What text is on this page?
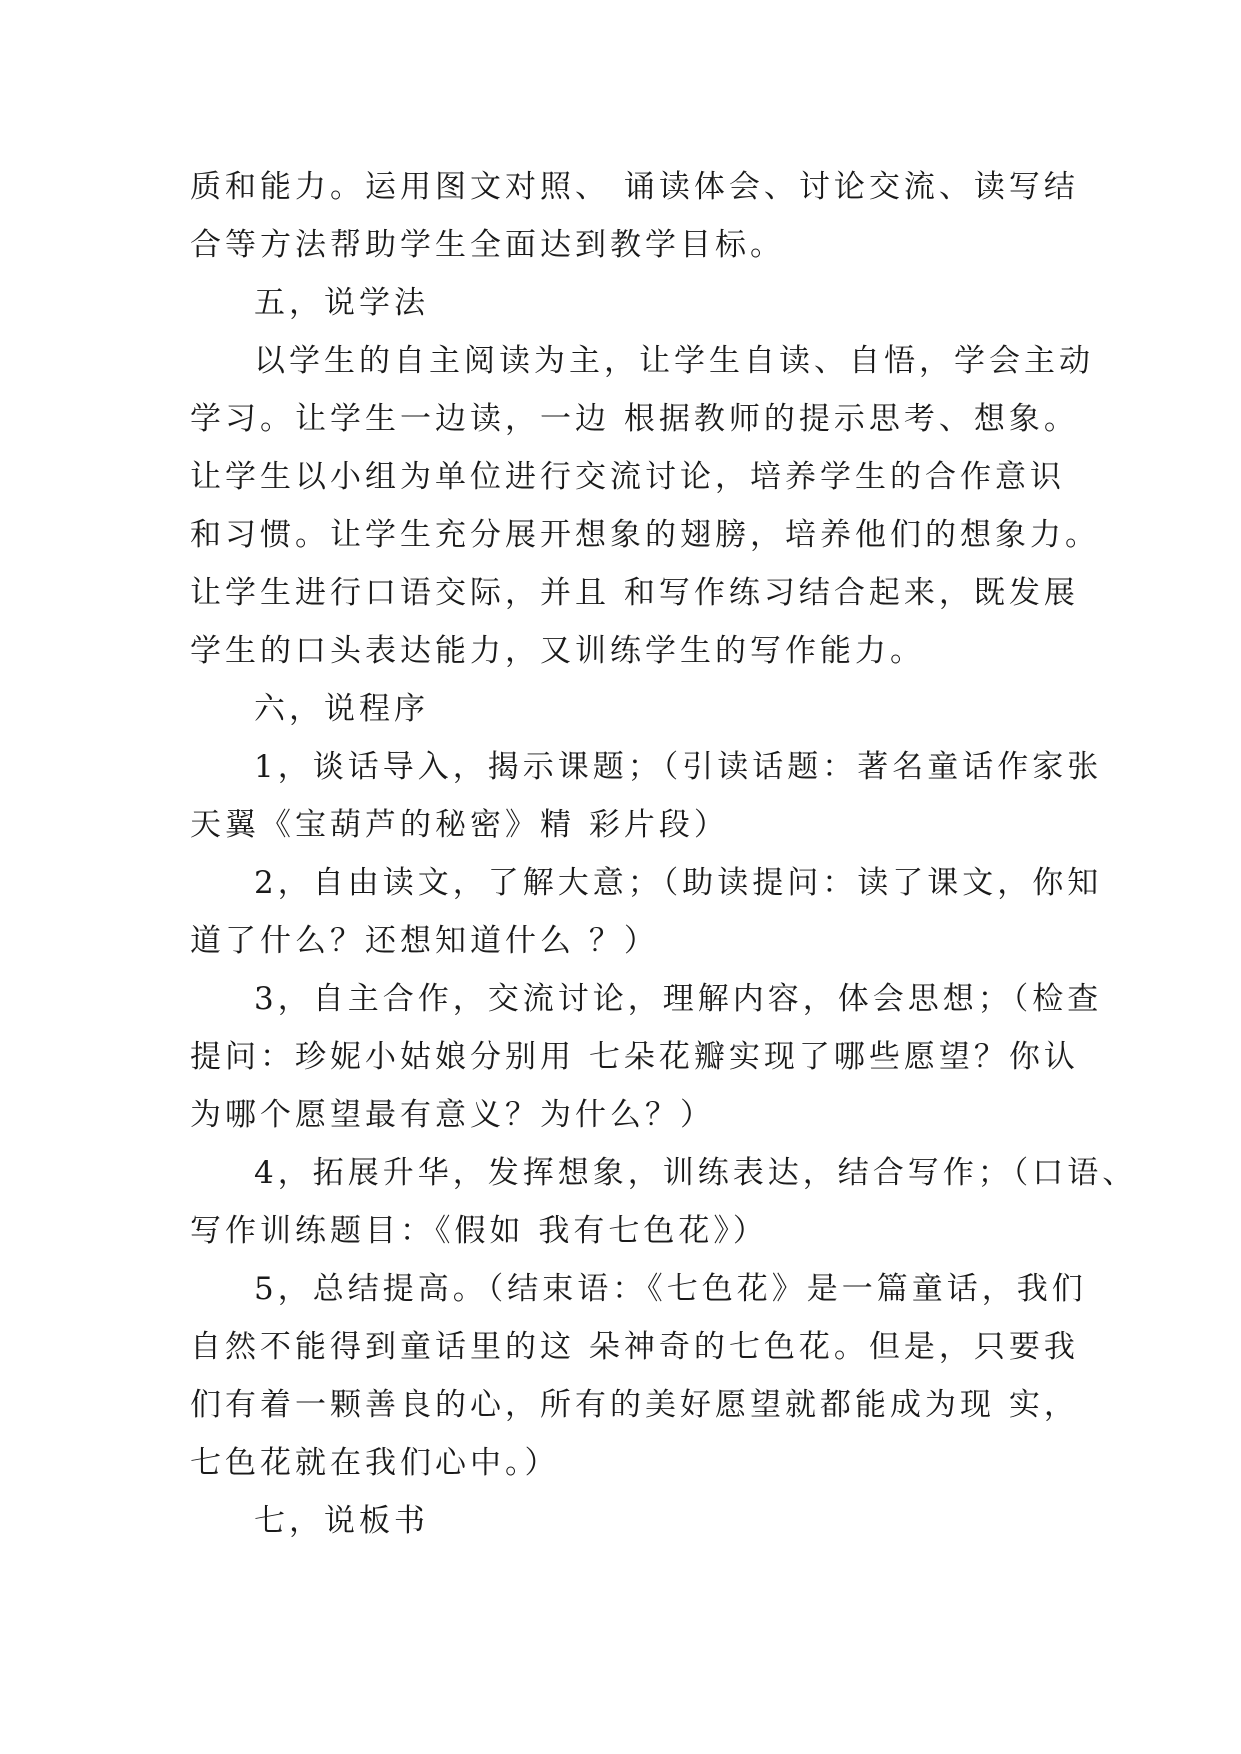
质和能力。运用图文对照、 诵读体会、讨论交流、读写结
合等方法帮助学生全面达到教学目标。
五，说学法
以学生的自主阅读为主，让学生自读、自悟，学会主动
学习。让学生一边读，一边 根据教师的提示思考、想象。
让学生以小组为单位进行交流讨论，培养学生的合作意识
和习惯。让学生充分展开想象的翅膀，培养他们的想象力。
让学生进行口语交际，并且 和写作练习结合起来，既发展
学生的口头表达能力，又训练学生的写作能力。
六，说程序
1，谈话导入，揭示课题；（引读话题：著名童话作家张
天翼《宝葫芦的秘密》精 彩片段）
2，自由读文，了解大意；（助读提问：读了课文，你知
道了什么？还想知道什么 ？）
3，自主合作，交流讨论，理解内容，体会思想；（检查
提问：珍妮小姑娘分别用 七朵花瓣实现了哪些愿望？你认
为哪个愿望最有意义？为什么？）
4，拓展升华，发挥想象，训练表达，结合写作；（口语、
写作训练题目：《假如 我有七色花》）
5，总结提高。（结束语：《七色花》是一篇童话，我们
自然不能得到童话里的这 朵神奇的七色花。但是，只要我
们有着一颗善良的心，所有的美好愿望就都能成为现 实，
七色花就在我们心中。）
七，说板书
